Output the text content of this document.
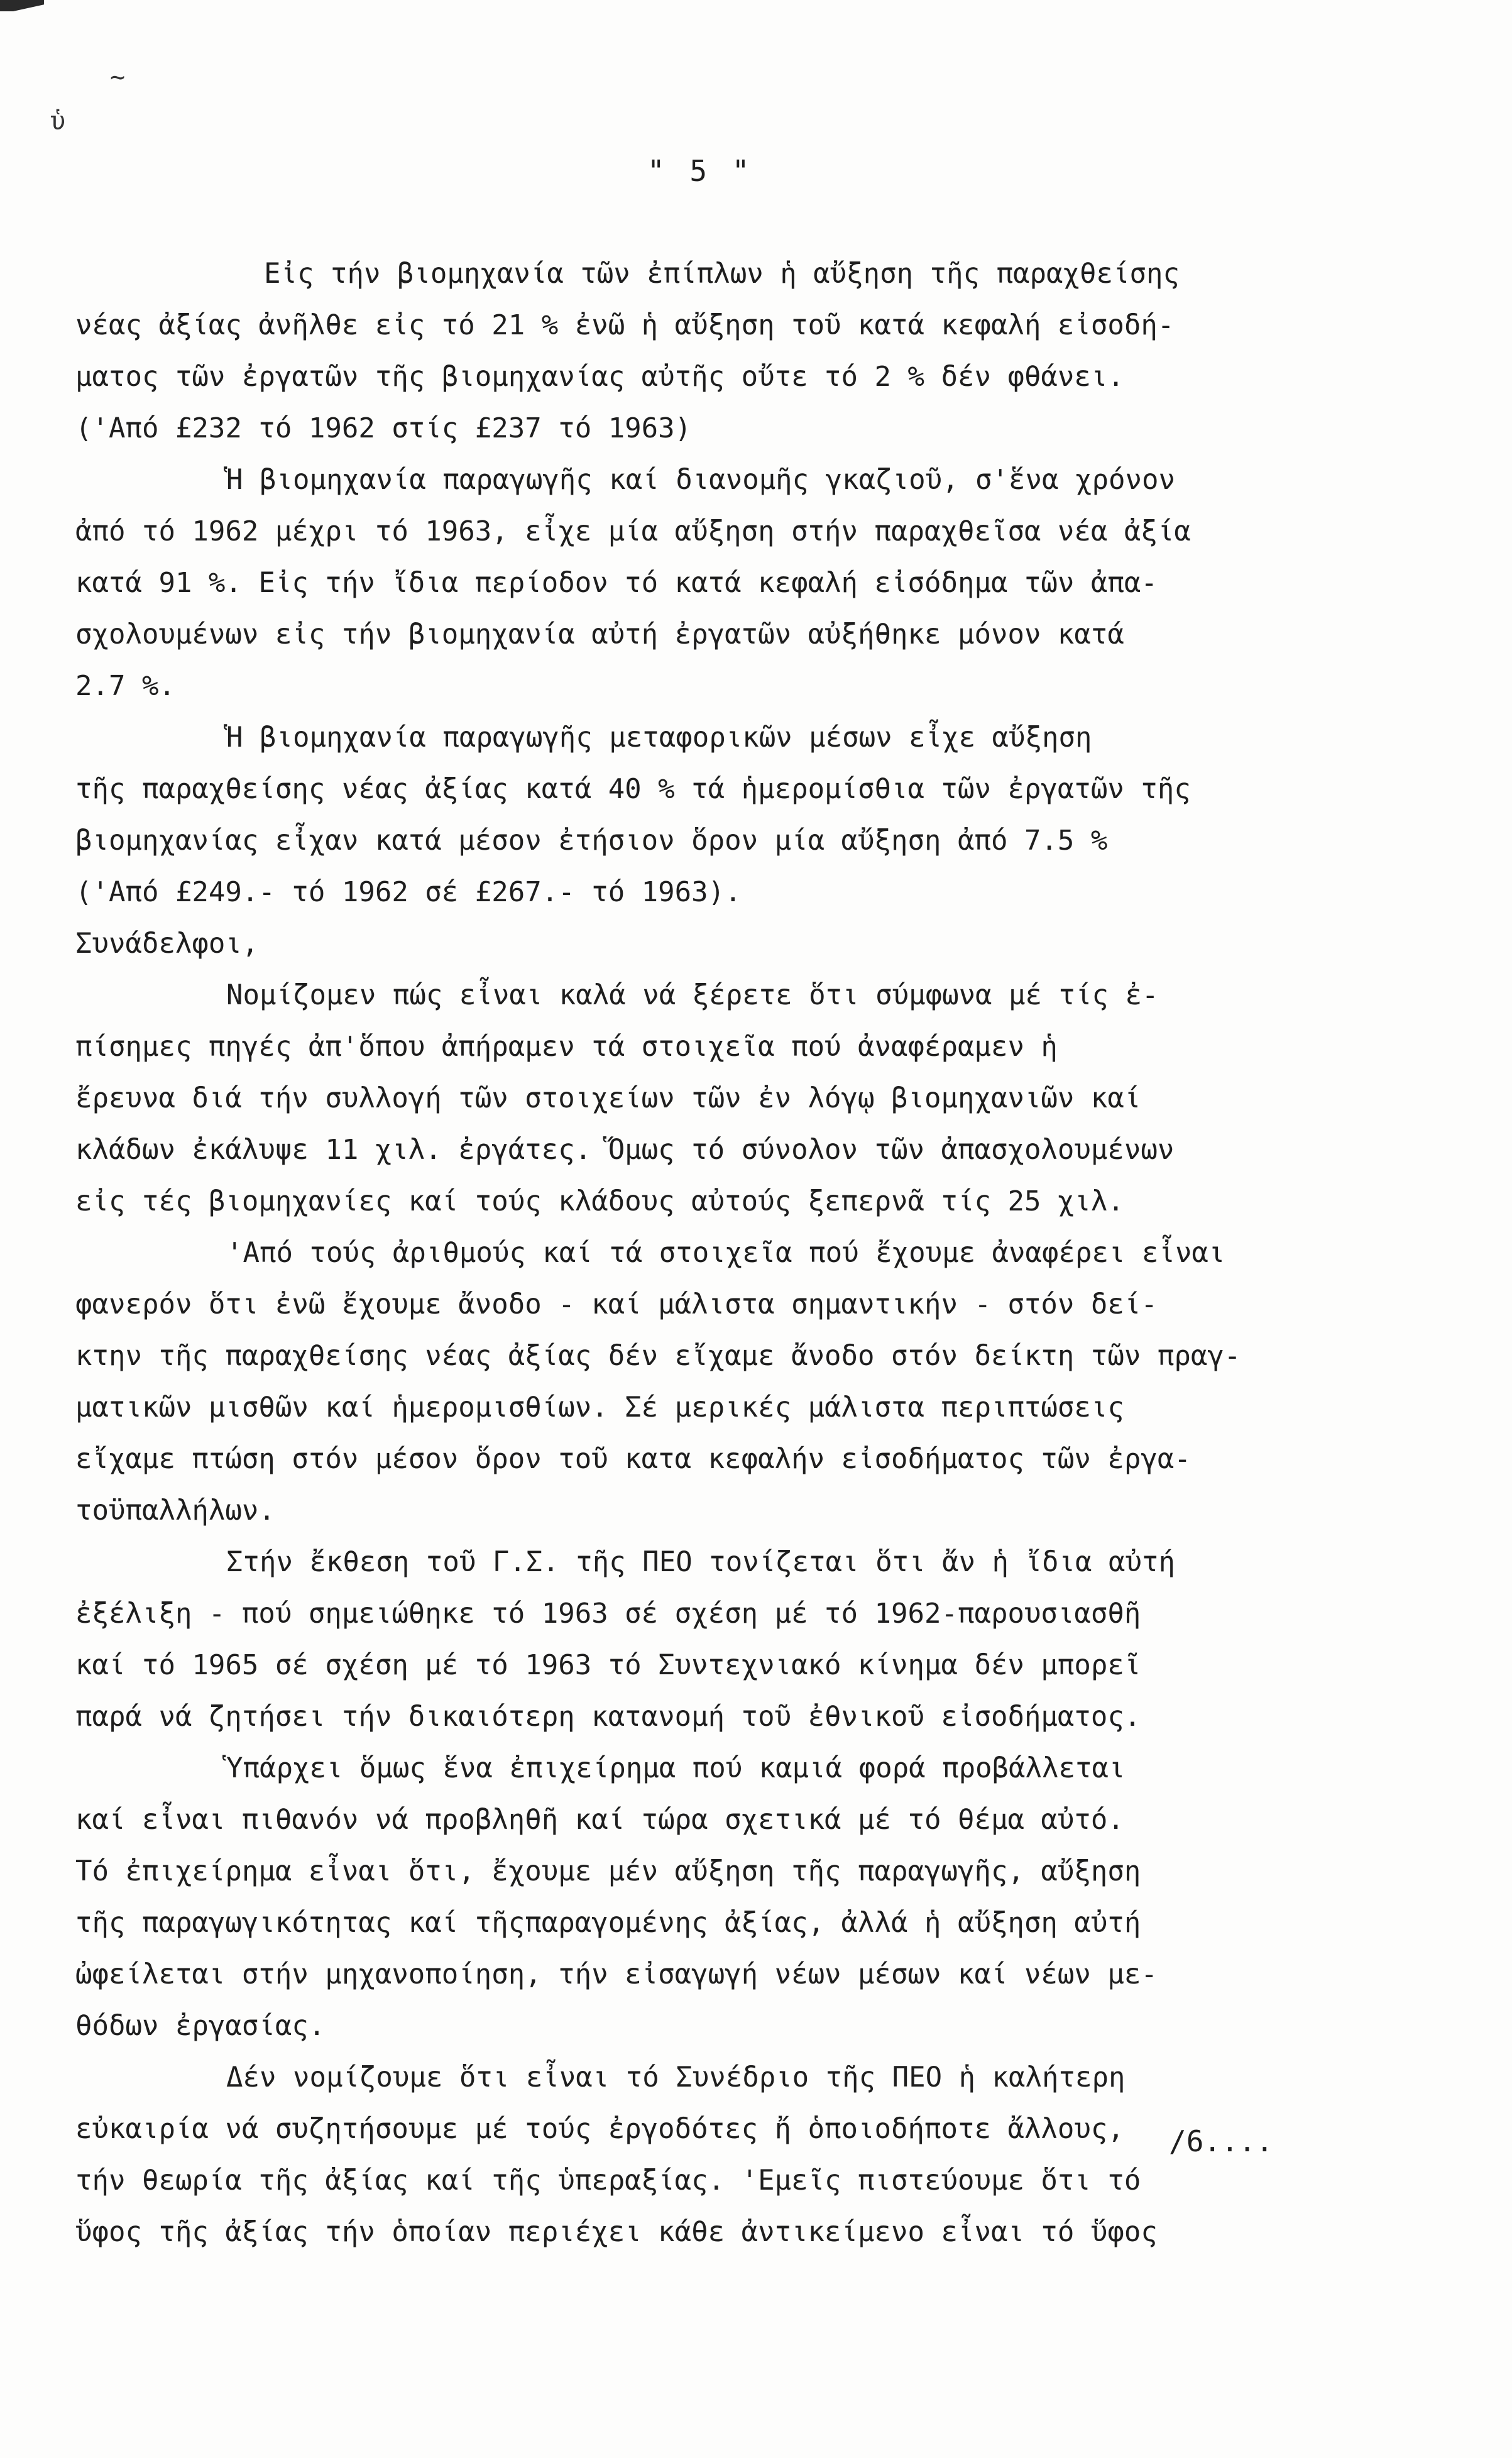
~
ὑ
" 5 "
Εἰς τήν βιομηχανία τῶν ἐπίπλων ἡ αὔξηση τῆς παραχθείσης
νέας ἀξίας ἀνῆλθε εἰς τό 21 % ἐνῶ ἡ αὔξηση τοῦ κατά κεφαλή εἰσοδή-
ματος τῶν ἐργατῶν τῆς βιομηχανίας αὐτῆς οὔτε τό 2 % δέν φθάνει.
('Από £232 τό 1962 στίς £237 τό 1963)
Ἡ βιομηχανία παραγωγῆς καί διανομῆς γκαζιοῦ, σ'ἕνα χρόνον
ἀπό τό 1962 μέχρι τό 1963, εἶχε μία αὔξηση στήν παραχθεῖσα νέα ἀξία
κατά 91 %. Εἰς τήν ἴδια περίοδον τό κατά κεφαλή εἰσόδημα τῶν ἀπα-
σχολουμένων εἰς τήν βιομηχανία αὐτή ἐργατῶν αὐξήθηκε μόνον κατά
2.7 %.
Ἡ βιομηχανία παραγωγῆς μεταφορικῶν μέσων εἶχε αὔξηση
τῆς παραχθείσης νέας ἀξίας κατά 40 % τά ἡμερομίσθια τῶν ἐργατῶν τῆς
βιομηχανίας εἶχαν κατά μέσον ἐτήσιον ὅρον μία αὔξηση ἀπό 7.5 %
('Από £249.- τό 1962 σέ £267.- τό 1963).
Συνάδελφοι,
Νομίζομεν πώς εἶναι καλά νά ξέρετε ὅτι σύμφωνα μέ τίς ἐ-
πίσημες πηγές ἀπ'ὅπου ἀπήραμεν τά στοιχεῖα πού ἀναφέραμεν ἡ
ἔρευνα διά τήν συλλογή τῶν στοιχείων τῶν ἐν λόγῳ βιομηχανιῶν καί
κλάδων ἐκάλυψε 11 χιλ. ἐργάτες. Ὅμως τό σύνολον τῶν ἀπασχολουμένων
εἰς τές βιομηχανίες καί τούς κλάδους αὐτούς ξεπερνᾶ τίς 25 χιλ.
'Από τούς ἀριθμούς καί τά στοιχεῖα πού ἔχουμε ἀναφέρει εἶναι
φανερόν ὅτι ἐνῶ ἔχουμε ἄνοδο - καί μάλιστα σημαντικήν - στόν δεί-
κτην τῆς παραχθείσης νέας ἀξίας δέν εἴχαμε ἄνοδο στόν δείκτη τῶν πραγ-
ματικῶν μισθῶν καί ἡμερομισθίων. Σέ μερικές μάλιστα περιπτώσεις
εἴχαμε πτώση στόν μέσον ὅρον τοῦ κατα κεφαλήν εἰσοδήματος τῶν ἐργα-
τοϋπαλλήλων.
Στήν ἔκθεση τοῦ Γ.Σ. τῆς ΠΕΟ τονίζεται ὅτι ἄν ἡ ἴδια αὐτή
ἐξέλιξη - πού σημειώθηκε τό 1963 σέ σχέση μέ τό 1962-παρουσιασθῆ
καί τό 1965 σέ σχέση μέ τό 1963 τό Συντεχνιακό κίνημα δέν μπορεῖ
παρά νά ζητήσει τήν δικαιότερη κατανομή τοῦ ἐθνικοῦ εἰσοδήματος.
Ὑπάρχει ὅμως ἕνα ἐπιχείρημα πού καμιά φορά προβάλλεται
καί εἶναι πιθανόν νά προβληθῆ καί τώρα σχετικά μέ τό θέμα αὐτό.
Τό ἐπιχείρημα εἶναι ὅτι, ἔχουμε μέν αὔξηση τῆς παραγωγῆς, αὔξηση
τῆς παραγωγικότητας καί τῆςπαραγομένης ἀξίας, ἀλλά ἡ αὔξηση αὐτή
ὠφείλεται στήν μηχανοποίηση, τήν εἰσαγωγή νέων μέσων καί νέων με-
θόδων ἐργασίας.
Δέν νομίζουμε ὅτι εἶναι τό Συνέδριο τῆς ΠΕΟ ἡ καλήτερη
εὐκαιρία νά συζητήσουμε μέ τούς ἐργοδότες ἤ ὁποιοδήποτε ἄλλους,
τήν θεωρία τῆς ἀξίας καί τῆς ὑπεραξίας. 'Εμεῖς πιστεύουμε ὅτι τό
ὕφος τῆς ἀξίας τήν ὁποίαν περιέχει κάθε ἀντικείμενο εἶναι τό ὕφος
/6....
